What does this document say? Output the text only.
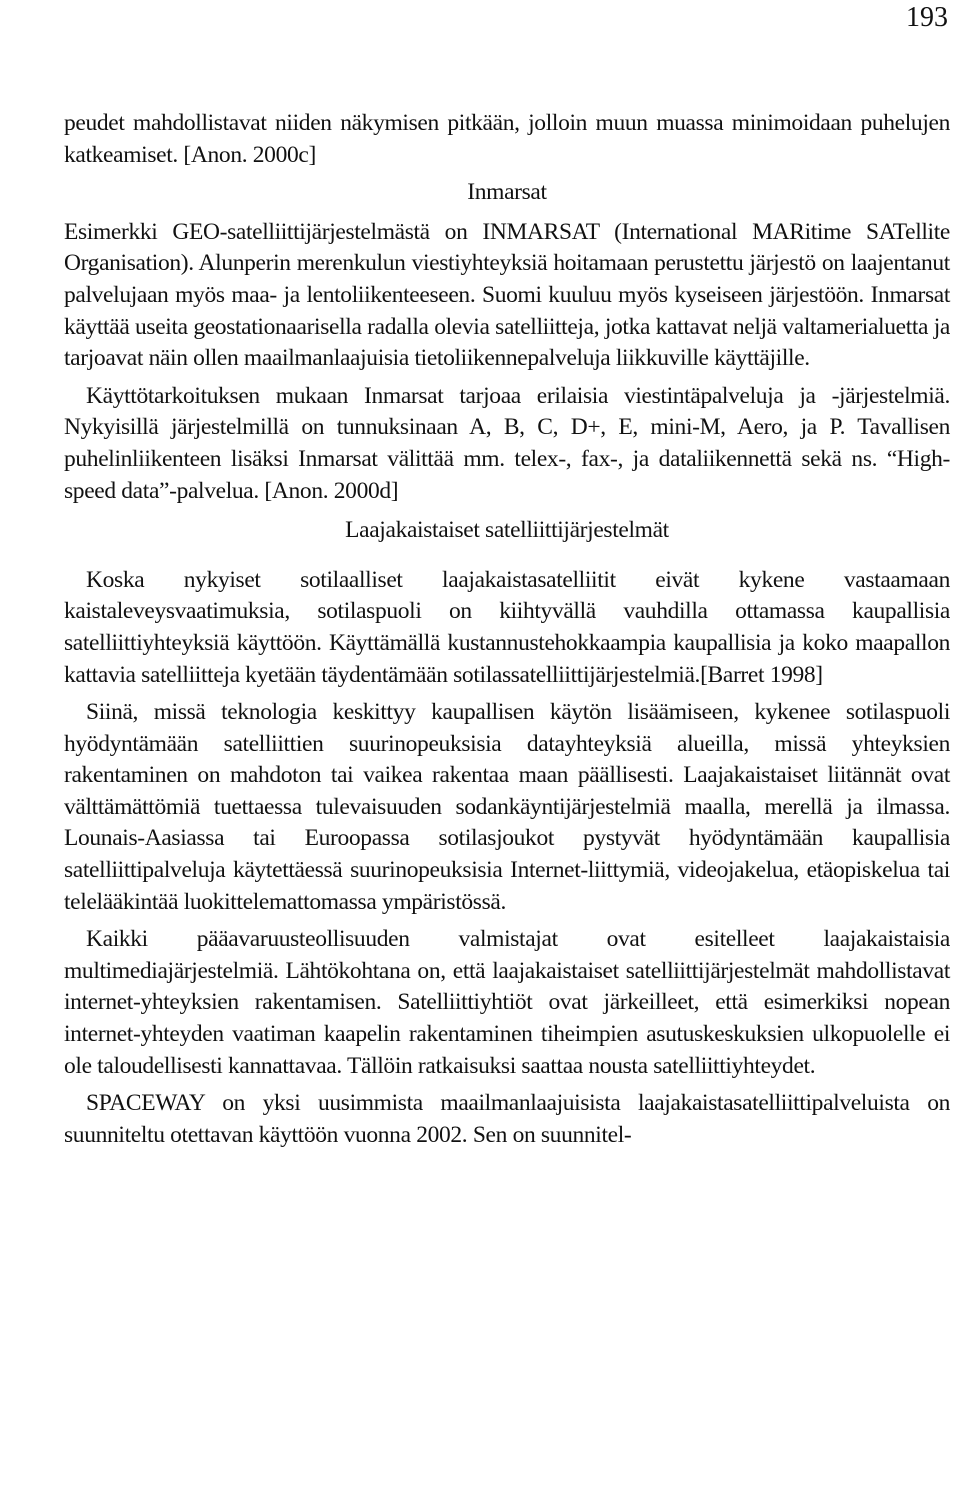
193

peudet mahdollistavat niiden näkymisen pitkään, jolloin muun muassa minimoidaan puhelujen katkeamiset. [Anon. 2000c]

Inmarsat

Esimerkki GEO-satelliittijärjestelmästä on INMARSAT (International MARitime SATellite Organisation). Alunperin merenkulun viestiyhteyksiä hoitamaan perustettu järjestö on laajentanut palvelujaan myös maa- ja lentoliikenteeseen. Suomi kuuluu myös kyseiseen järjestöön. Inmarsat käyttää useita geostationaarisella radalla olevia satelliitteja, jotka kattavat neljä valtamerialuetta ja tarjoavat näin ollen maailmanlaajuisia tietoliikennepalveluja liikkuville käyttäjille.

Käyttötarkoituksen mukaan Inmarsat tarjoaa erilaisia viestintäpalveluja ja -järjestelmiä. Nykyisillä järjestelmillä on tunnuksinaan A, B, C, D+, E, mini-M, Aero, ja P. Tavallisen puhelinliikenteen lisäksi Inmarsat välittää mm. telex-, fax-, ja dataliikennettä sekä ns. “High-speed data”-palvelua. [Anon. 2000d]

Laajakaistaiset satelliittijärjestelmät

Koska nykyiset sotilaalliset laajakaistasatelliitit eivät kykene vastaamaan kaistaleveysvaatimuksia, sotilaspuoli on kiihtyvällä vauhdilla ottamassa kaupallisia satelliittiyhteyksiä käyttöön. Käyttämällä kustannustehokkaampia kaupallisia ja koko maapallon kattavia satelliitteja kyetään täydentämään sotilassatelliittijärjestelmiä.[Barret 1998]

Siinä, missä teknologia keskittyy kaupallisen käytön lisäämiseen, kykenee sotilaspuoli hyödyntämään satelliittien suurinopeuksisia datayhteyksiä alueilla, missä yhteyksien rakentaminen on mahdoton tai vaikea rakentaa maan päällisesti. Laajakaistaiset liitännät ovat välttämättömiä tuettaessa tulevaisuuden sodankäyntijärjestelmiä maalla, merellä ja ilmassa. Lounais-Aasiassa tai Euroopassa sotilasjoukot pystyvät hyödyntämään kaupallisia satelliittipalveluja käytettäessä suurinopeuksisia Internet-liittymiä, videojakelua, etäopiskelua tai telelääkintää luokittelemattomassa ympäristössä.

Kaikki pääavaruusteollisuuden valmistajat ovat esitelleet laajakaistaisia multimediajärjestelmiä. Lähtökohtana on, että laajakaistaiset satelliittijärjestelmät mahdollistavat internet-yhteyksien rakentamisen. Satelliittiyhtiöt ovat järkeilleet, että esimerkiksi nopean internet-yhteyden vaatiman kaapelin rakentaminen tiheimpien asutuskeskuksien ulkopuolelle ei ole taloudellisesti kannattavaa. Tällöin ratkaisuksi saattaa nousta satelliittiyhteydet.

SPACEWAY on yksi uusimmista maailmanlaajuisista laajakaistasatelliittipalveluista on suunniteltu otettavan käyttöön vuonna 2002. Sen on suunnitel-
